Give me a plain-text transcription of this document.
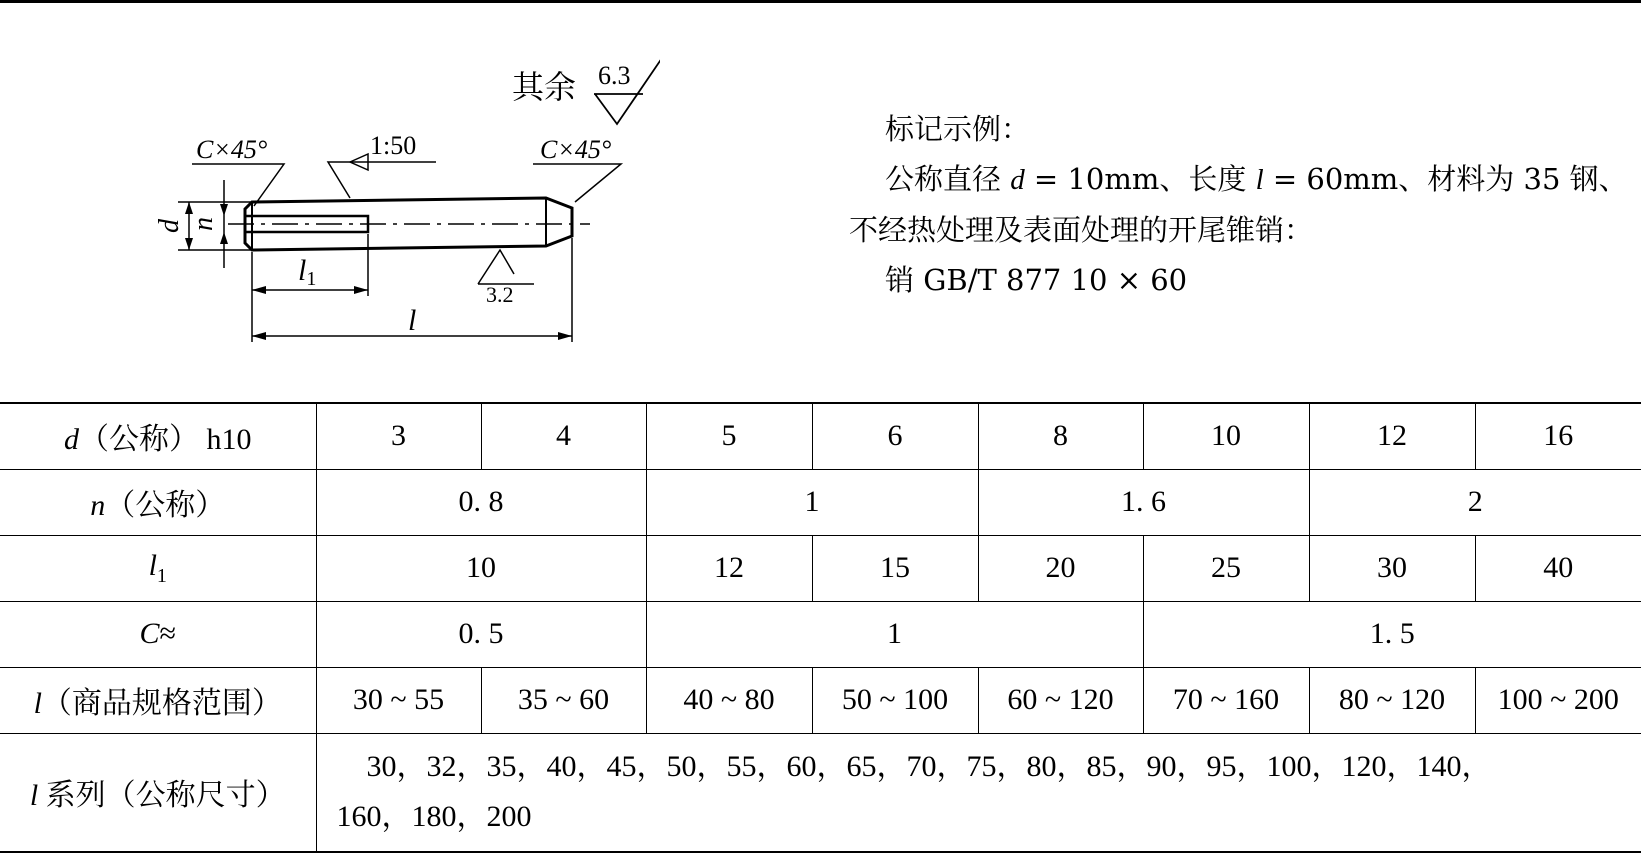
其余 6.3
1:50
C×45°	C×45°
3.2
d n
l1
l
标记示例：
公称直径 d = 10mm、长度 l = 60mm、材料为 35 钢、
不经热处理及表面处理的开尾锥销：
销 GB/T 877 10 × 60
d（公称） h10	3	4	5	6	8	10	12	16
n（公称）	0. 8		1		1. 6		2	
$l_1$	10		12	15	20	25	30	40
C≈	0. 5		1			1. 5		
l（商品规格范围）	30 ~ 55	35 ~ 60	40 ~ 80	50 ~ 100	60 ~ 120	70 ~ 160	80 ~ 120	100 ~ 200
l 系列（公称尺寸）	30，32，35，40，45，50，55，60，65，70，75，80，85，90，95，100，120，140，
160，180，200							
